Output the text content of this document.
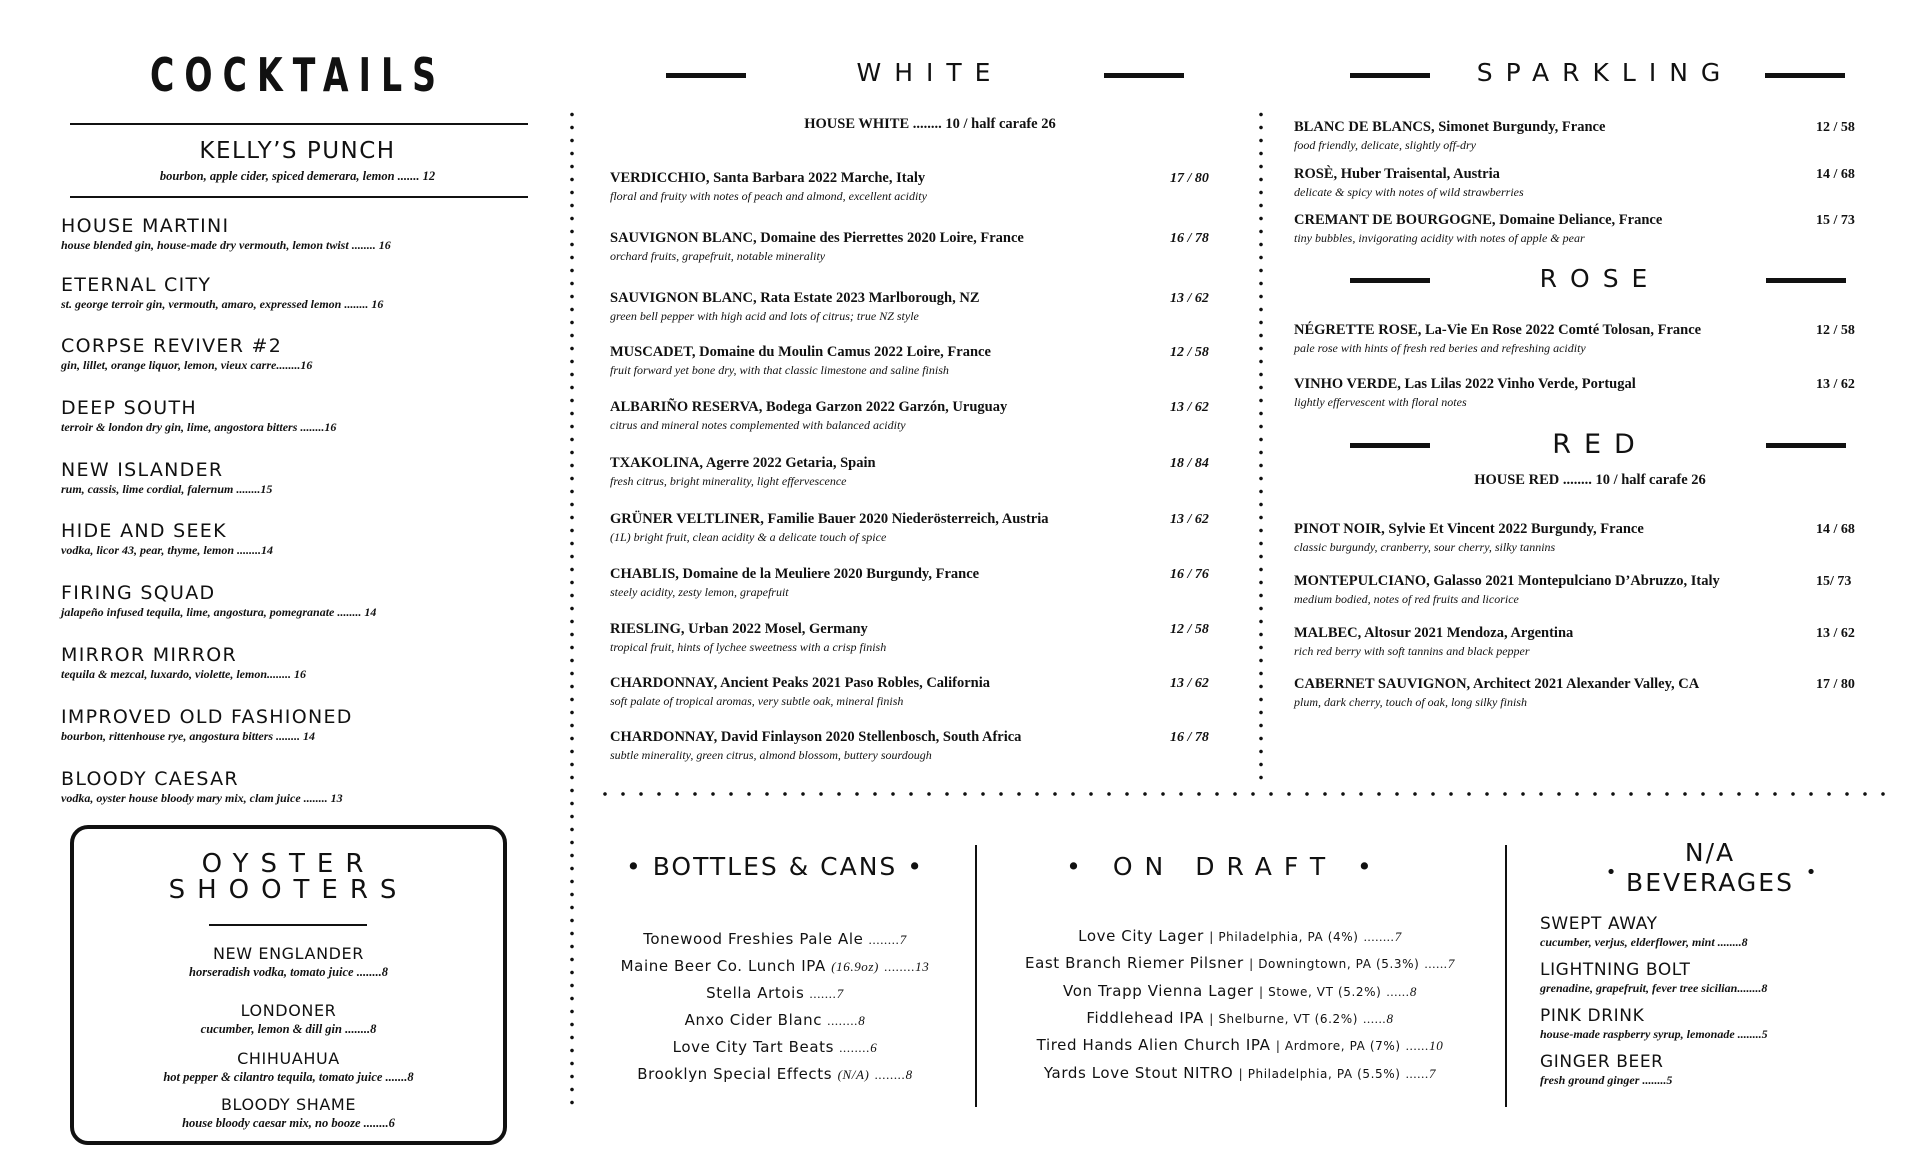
COCKTAILS
KELLY’S PUNCH
bourbon, apple cider, spiced demerara, lemon ....... 12
HOUSE MARTINI
house blended gin, house-made dry vermouth, lemon twist ........ 16
ETERNAL CITY
st. george terroir gin, vermouth, amaro, expressed lemon ........ 16
CORPSE REVIVER #2
gin, lillet, orange liquor, lemon, vieux carre........16
DEEP SOUTH
terroir & london dry gin, lime, angostora bitters ........16
NEW ISLANDER
rum, cassis, lime cordial, falernum ........15
HIDE AND SEEK
vodka, licor 43, pear, thyme, lemon ........14
FIRING SQUAD
jalapeño infused tequila, lime, angostura, pomegranate ........ 14
MIRROR MIRROR
tequila & mezcal, luxardo, violette, lemon........ 16
IMPROVED OLD FASHIONED
bourbon, rittenhouse rye, angostura bitters ........ 14
BLOODY CAESAR
vodka, oyster house bloody mary mix, clam juice ........ 13
OYSTER
SHOOTERS
NEW ENGLANDER
horseradish vodka, tomato juice ........8
LONDONER
cucumber, lemon & dill gin ........8
CHIHUAHUA
hot pepper & cilantro tequila, tomato juice .......8
BLOODY SHAME
house bloody caesar mix, no booze ........6
WHITE
HOUSE WHITE ........ 10 / half carafe 26
VERDICCHIO, Santa Barbara 2022 Marche, Italy
floral and fruity with notes of peach and almond, excellent acidity
17 / 80
SAUVIGNON BLANC, Domaine des Pierrettes 2020 Loire, France
orchard fruits, grapefruit, notable minerality
16 / 78
SAUVIGNON BLANC, Rata Estate 2023 Marlborough, NZ
green bell pepper with high acid and lots of citrus; true NZ style
13 / 62
MUSCADET, Domaine du Moulin Camus 2022 Loire, France
fruit forward yet bone dry, with that classic limestone and saline finish
12 / 58
ALBARIÑO RESERVA, Bodega Garzon 2022 Garzón, Uruguay
citrus and mineral notes complemented with balanced acidity
13 / 62
TXAKOLINA, Agerre 2022 Getaria, Spain
fresh citrus, bright minerality, light effervescence
18 / 84
GRÜNER VELTLINER, Familie Bauer 2020 Niederösterreich, Austria
(1L) bright fruit, clean acidity & a delicate touch of spice
13 / 62
CHABLIS, Domaine de la Meuliere 2020 Burgundy, France
steely acidity, zesty lemon, grapefruit
16 / 76
RIESLING, Urban 2022 Mosel, Germany
tropical fruit, hints of lychee sweetness with a crisp finish
12 / 58
CHARDONNAY, Ancient Peaks 2021 Paso Robles, California
soft palate of tropical aromas, very subtle oak, mineral finish
13 / 62
CHARDONNAY, David Finlayson 2020 Stellenbosch, South Africa
subtle minerality, green citrus, almond blossom, buttery sourdough
16 / 78
SPARKLING
BLANC DE BLANCS, Simonet Burgundy, France
food friendly, delicate, slightly off-dry
12 / 58
ROSÈ, Huber Traisental, Austria
delicate & spicy with notes of wild strawberries
14 / 68
CREMANT DE BOURGOGNE, Domaine Deliance, France
tiny bubbles, invigorating acidity with notes of apple & pear
15 / 73
ROSE
NÉGRETTE ROSE, La-Vie En Rose 2022 Comté Tolosan, France
pale rose with hints of fresh red beries and refreshing acidity
12 / 58
VINHO VERDE, Las Lilas 2022 Vinho Verde, Portugal
lightly effervescent with floral notes
13 / 62
RED
HOUSE RED ........ 10 / half carafe 26
PINOT NOIR, Sylvie Et Vincent 2022 Burgundy, France
classic burgundy, cranberry, sour cherry, silky tannins
14 / 68
MONTEPULCIANO, Galasso 2021 Montepulciano D’Abruzzo, Italy
medium bodied, notes of red fruits and licorice
15/ 73
MALBEC, Altosur 2021 Mendoza, Argentina
rich red berry with soft tannins and black pepper
13 / 62
CABERNET SAUVIGNON, Architect 2021 Alexander Valley, CA
plum, dark cherry, touch of oak, long silky finish
17 / 80
• BOTTLES & CANS •
Tonewood Freshies Pale Ale ........7
Maine Beer Co. Lunch IPA (16.9oz) ........13
Stella Artois .......7
Anxo Cider Blanc ........8
Love City Tart Beats ........6
Brooklyn Special Effects (N/A) ........8
• ON DRAFT •
Love City Lager | Philadelphia, PA (4%) ........7
East Branch Riemer Pilsner | Downingtown, PA (5.3%) ......7
Von Trapp Vienna Lager | Stowe, VT (5.2%) ......8
Fiddlehead IPA | Shelburne, VT (6.2%) ......8
Tired Hands Alien Church IPA | Ardmore, PA (7%) ......10
Yards Love Stout NITRO | Philadelphia, PA (5.5%) ......7
•
N/A
BEVERAGES •
SWEPT AWAY
cucumber, verjus, elderflower, mint ........8
LIGHTNING BOLT
grenadine, grapefruit, fever tree sicilian........8
PINK DRINK
house-made raspberry syrup, lemonade ........5
GINGER BEER
fresh ground ginger ........5
